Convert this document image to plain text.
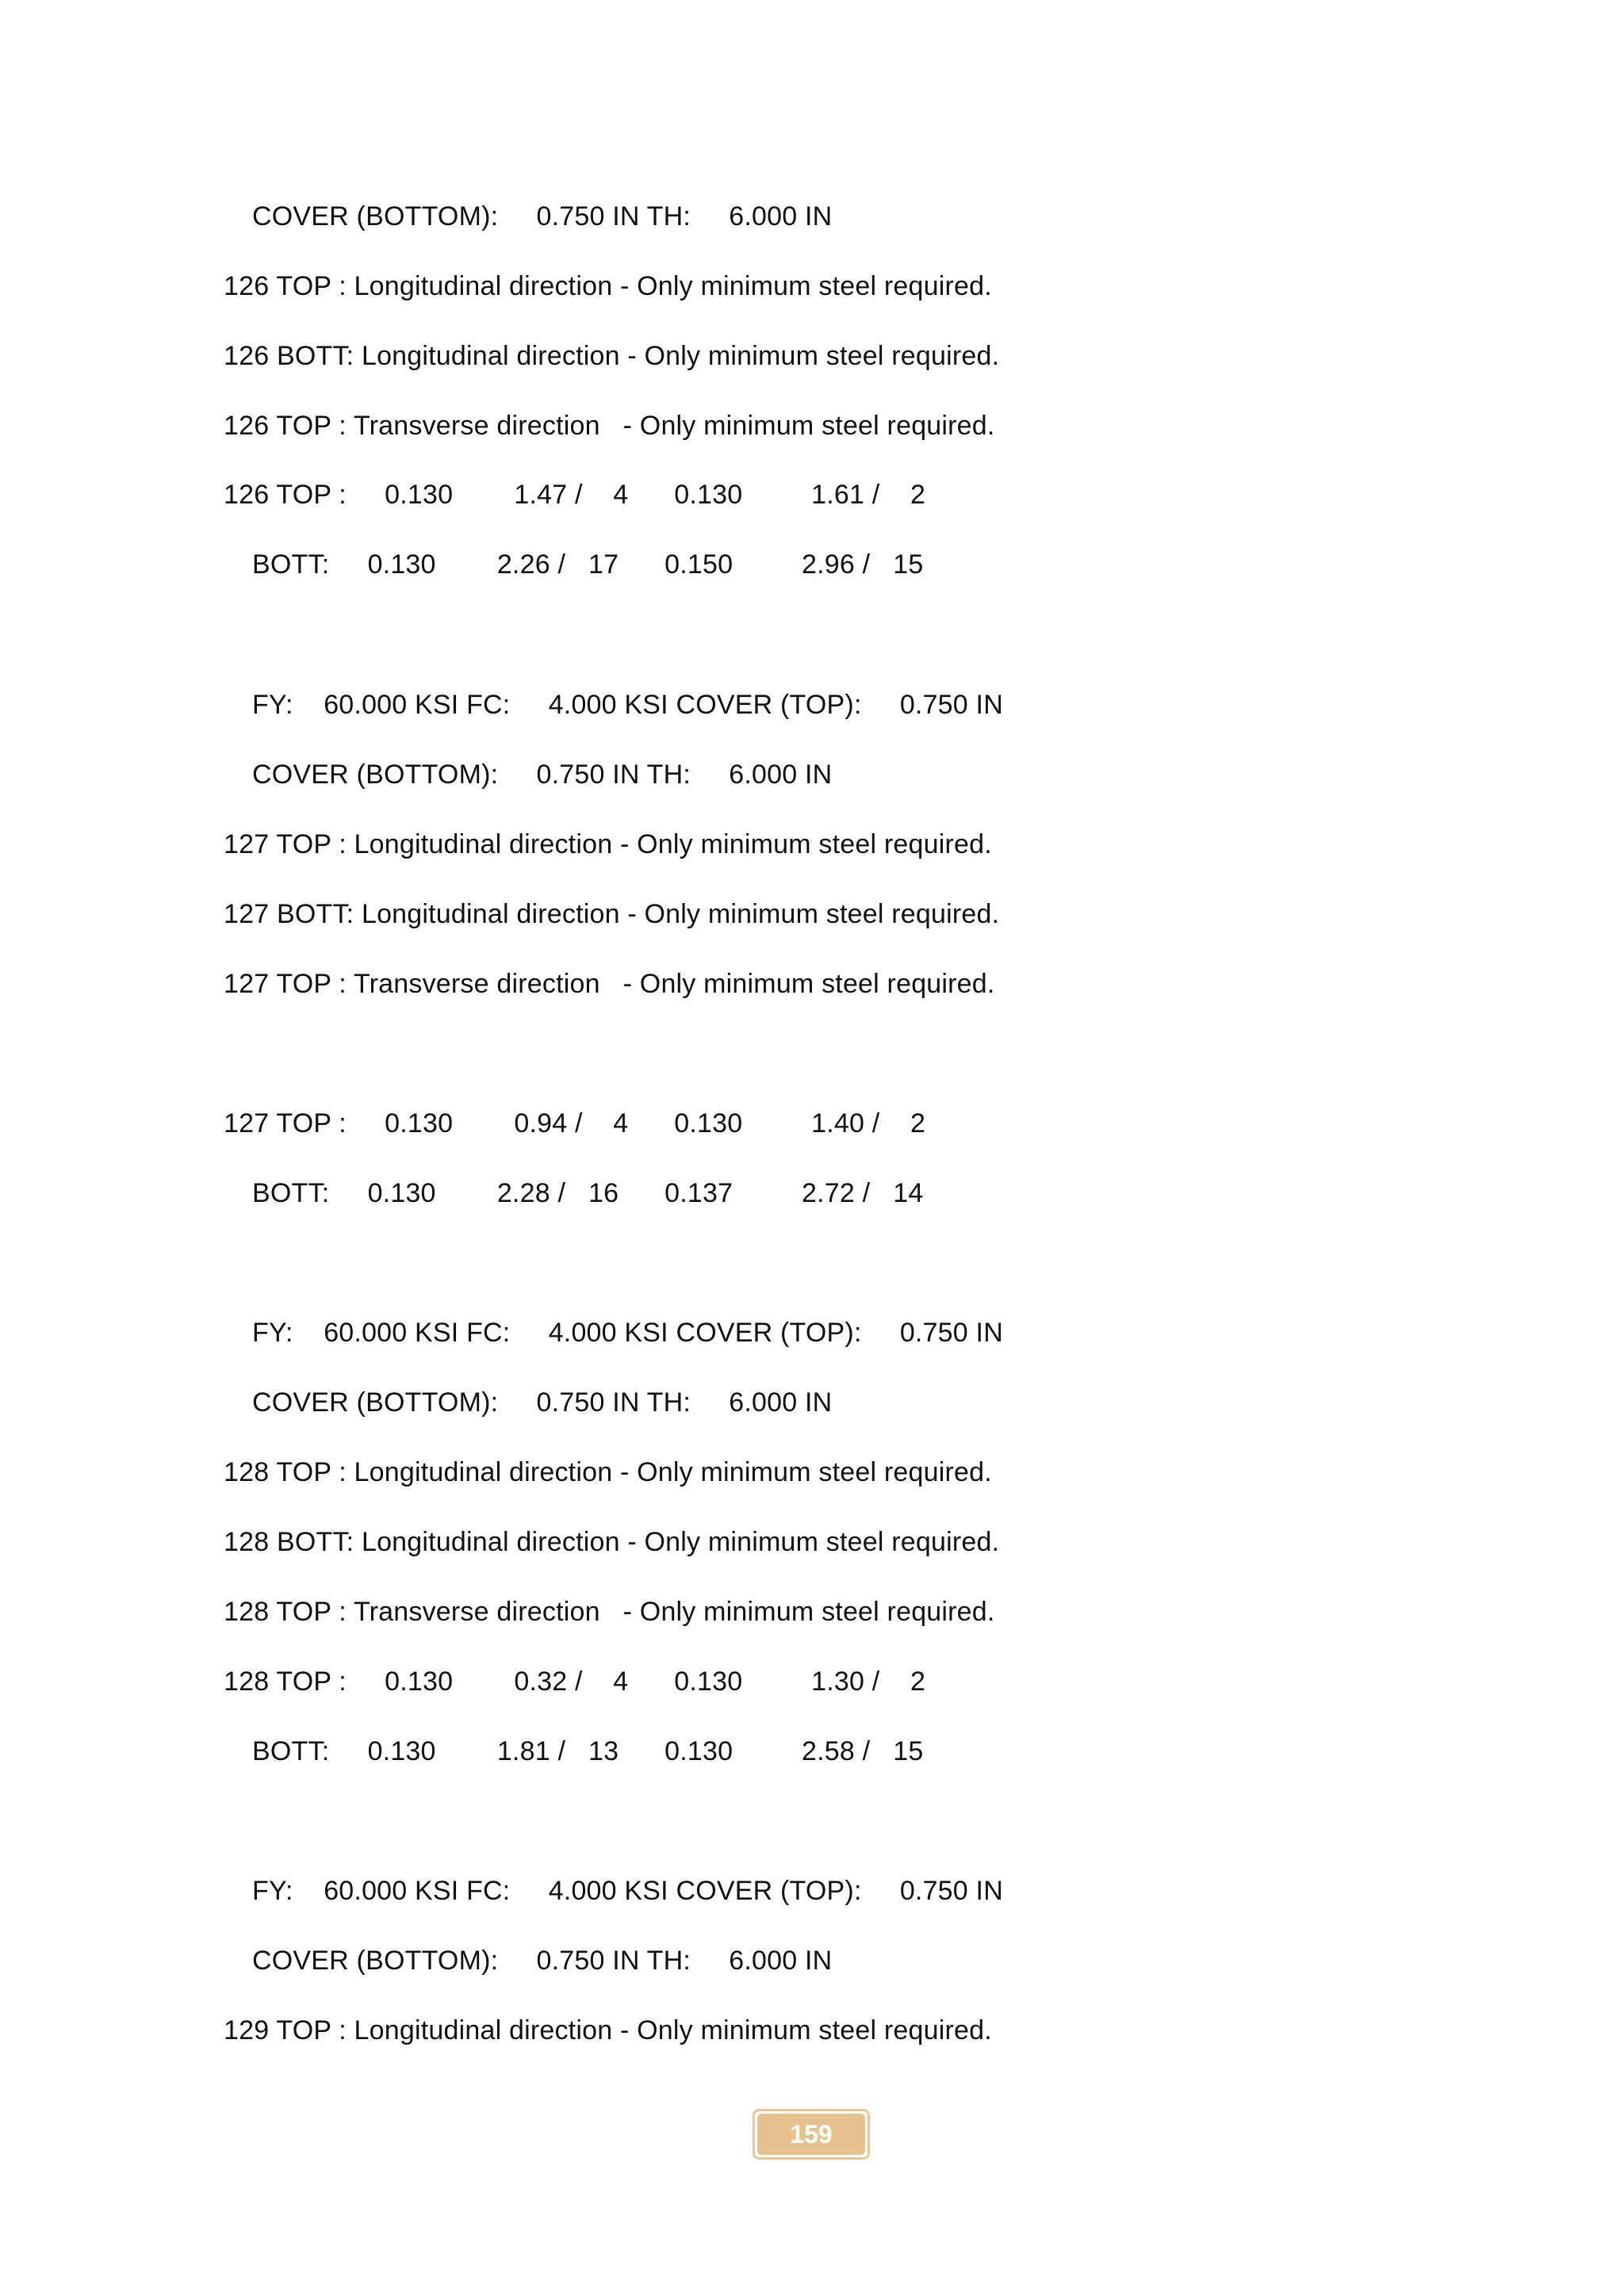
COVER (BOTTOM):     0.750 IN TH:     6.000 IN
126 TOP : Longitudinal direction - Only minimum steel required.
126 BOTT: Longitudinal direction - Only minimum steel required.
126 TOP : Transverse direction   - Only minimum steel required.
126 TOP :     0.130        1.47 /    4      0.130         1.61 /    2
BOTT:     0.130        2.26 /   17      0.150         2.96 /   15
FY:    60.000 KSI FC:     4.000 KSI COVER (TOP):     0.750 IN
COVER (BOTTOM):     0.750 IN TH:     6.000 IN
127 TOP : Longitudinal direction - Only minimum steel required.
127 BOTT: Longitudinal direction - Only minimum steel required.
127 TOP : Transverse direction   - Only minimum steel required.
127 TOP :     0.130        0.94 /    4      0.130         1.40 /    2
BOTT:     0.130        2.28 /   16      0.137         2.72 /   14
FY:    60.000 KSI FC:     4.000 KSI COVER (TOP):     0.750 IN
COVER (BOTTOM):     0.750 IN TH:     6.000 IN
128 TOP : Longitudinal direction - Only minimum steel required.
128 BOTT: Longitudinal direction - Only minimum steel required.
128 TOP : Transverse direction   - Only minimum steel required.
128 TOP :     0.130        0.32 /    4      0.130         1.30 /    2
BOTT:     0.130        1.81 /   13      0.130         2.58 /   15
FY:    60.000 KSI FC:     4.000 KSI COVER (TOP):     0.750 IN
COVER (BOTTOM):     0.750 IN TH:     6.000 IN
129 TOP : Longitudinal direction - Only minimum steel required.
159
